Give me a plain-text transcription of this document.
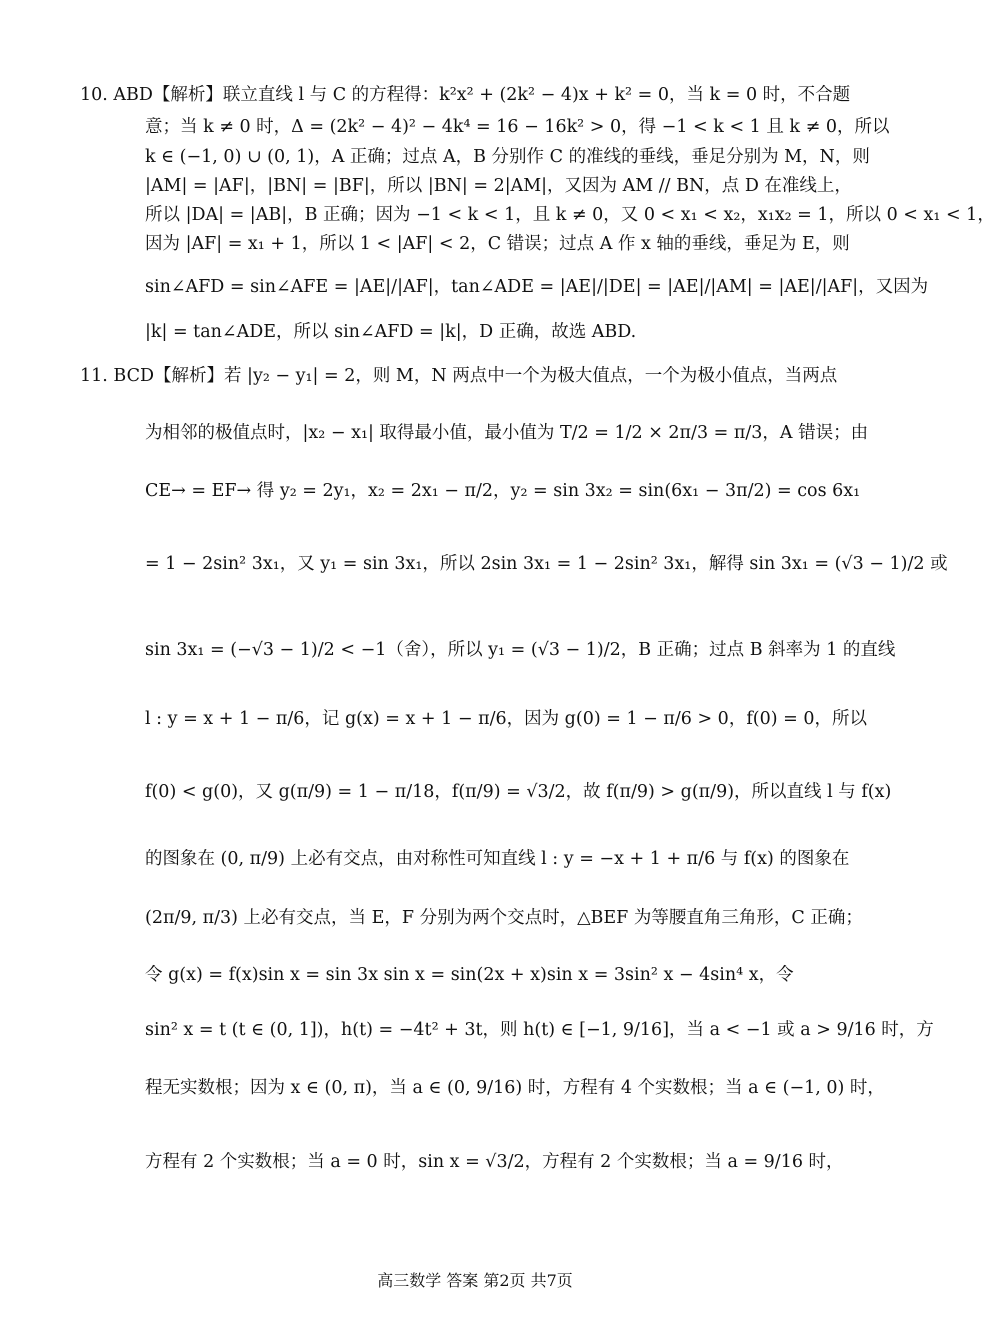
10. ABD【解析】联立直线 l 与 C 的方程得：k²x² + (2k² − 4)x + k² = 0，当 k = 0 时，不合题
意；当 k ≠ 0 时，Δ = (2k² − 4)² − 4k⁴ = 16 − 16k² > 0，得 −1 < k < 1 且 k ≠ 0，所以
k ∈ (−1, 0) ∪ (0, 1)，A 正确；过点 A，B 分别作 C 的准线的垂线，垂足分别为 M，N，则
|AM| = |AF|，|BN| = |BF|，所以 |BN| = 2|AM|，又因为 AM // BN，点 D 在准线上，
所以 |DA| = |AB|，B 正确；因为 −1 < k < 1，且 k ≠ 0，又 0 < x₁ < x₂，x₁x₂ = 1，所以 0 < x₁ < 1，
因为 |AF| = x₁ + 1，所以 1 < |AF| < 2，C 错误；过点 A 作 x 轴的垂线，垂足为 E，则
sin∠AFD = sin∠AFE = |AE|/|AF|，tan∠ADE = |AE|/|DE| = |AE|/|AM| = |AE|/|AF|，又因为
|k| = tan∠ADE，所以 sin∠AFD = |k|，D 正确，故选 ABD.
11. BCD【解析】若 |y₂ − y₁| = 2，则 M，N 两点中一个为极大值点，一个为极小值点，当两点
为相邻的极值点时，|x₂ − x₁| 取得最小值，最小值为 T/2 = 1/2 × 2π/3 = π/3，A 错误；由
CE→ = EF→ 得 y₂ = 2y₁，x₂ = 2x₁ − π/2，y₂ = sin 3x₂ = sin(6x₁ − 3π/2) = cos 6x₁
= 1 − 2sin² 3x₁，又 y₁ = sin 3x₁，所以 2sin 3x₁ = 1 − 2sin² 3x₁，解得 sin 3x₁ = (√3 − 1)/2 或
sin 3x₁ = (−√3 − 1)/2 < −1（舍），所以 y₁ = (√3 − 1)/2，B 正确；过点 B 斜率为 1 的直线
l : y = x + 1 − π/6，记 g(x) = x + 1 − π/6，因为 g(0) = 1 − π/6 > 0，f(0) = 0，所以
f(0) < g(0)，又 g(π/9) = 1 − π/18，f(π/9) = √3/2，故 f(π/9) > g(π/9)，所以直线 l 与 f(x)
的图象在 (0, π/9) 上必有交点，由对称性可知直线 l : y = −x + 1 + π/6 与 f(x) 的图象在
(2π/9, π/3) 上必有交点，当 E，F 分别为两个交点时，△BEF 为等腰直角三角形，C 正确；
令 g(x) = f(x)sin x = sin 3x sin x = sin(2x + x)sin x = 3sin² x − 4sin⁴ x，令
sin² x = t (t ∈ (0, 1])，h(t) = −4t² + 3t，则 h(t) ∈ [−1, 9/16]，当 a < −1 或 a > 9/16 时，方
程无实数根；因为 x ∈ (0, π)，当 a ∈ (0, 9/16) 时，方程有 4 个实数根；当 a ∈ (−1, 0) 时，
方程有 2 个实数根；当 a = 0 时，sin x = √3/2，方程有 2 个实数根；当 a = 9/16 时，
高三数学 答案 第2页 共7页
